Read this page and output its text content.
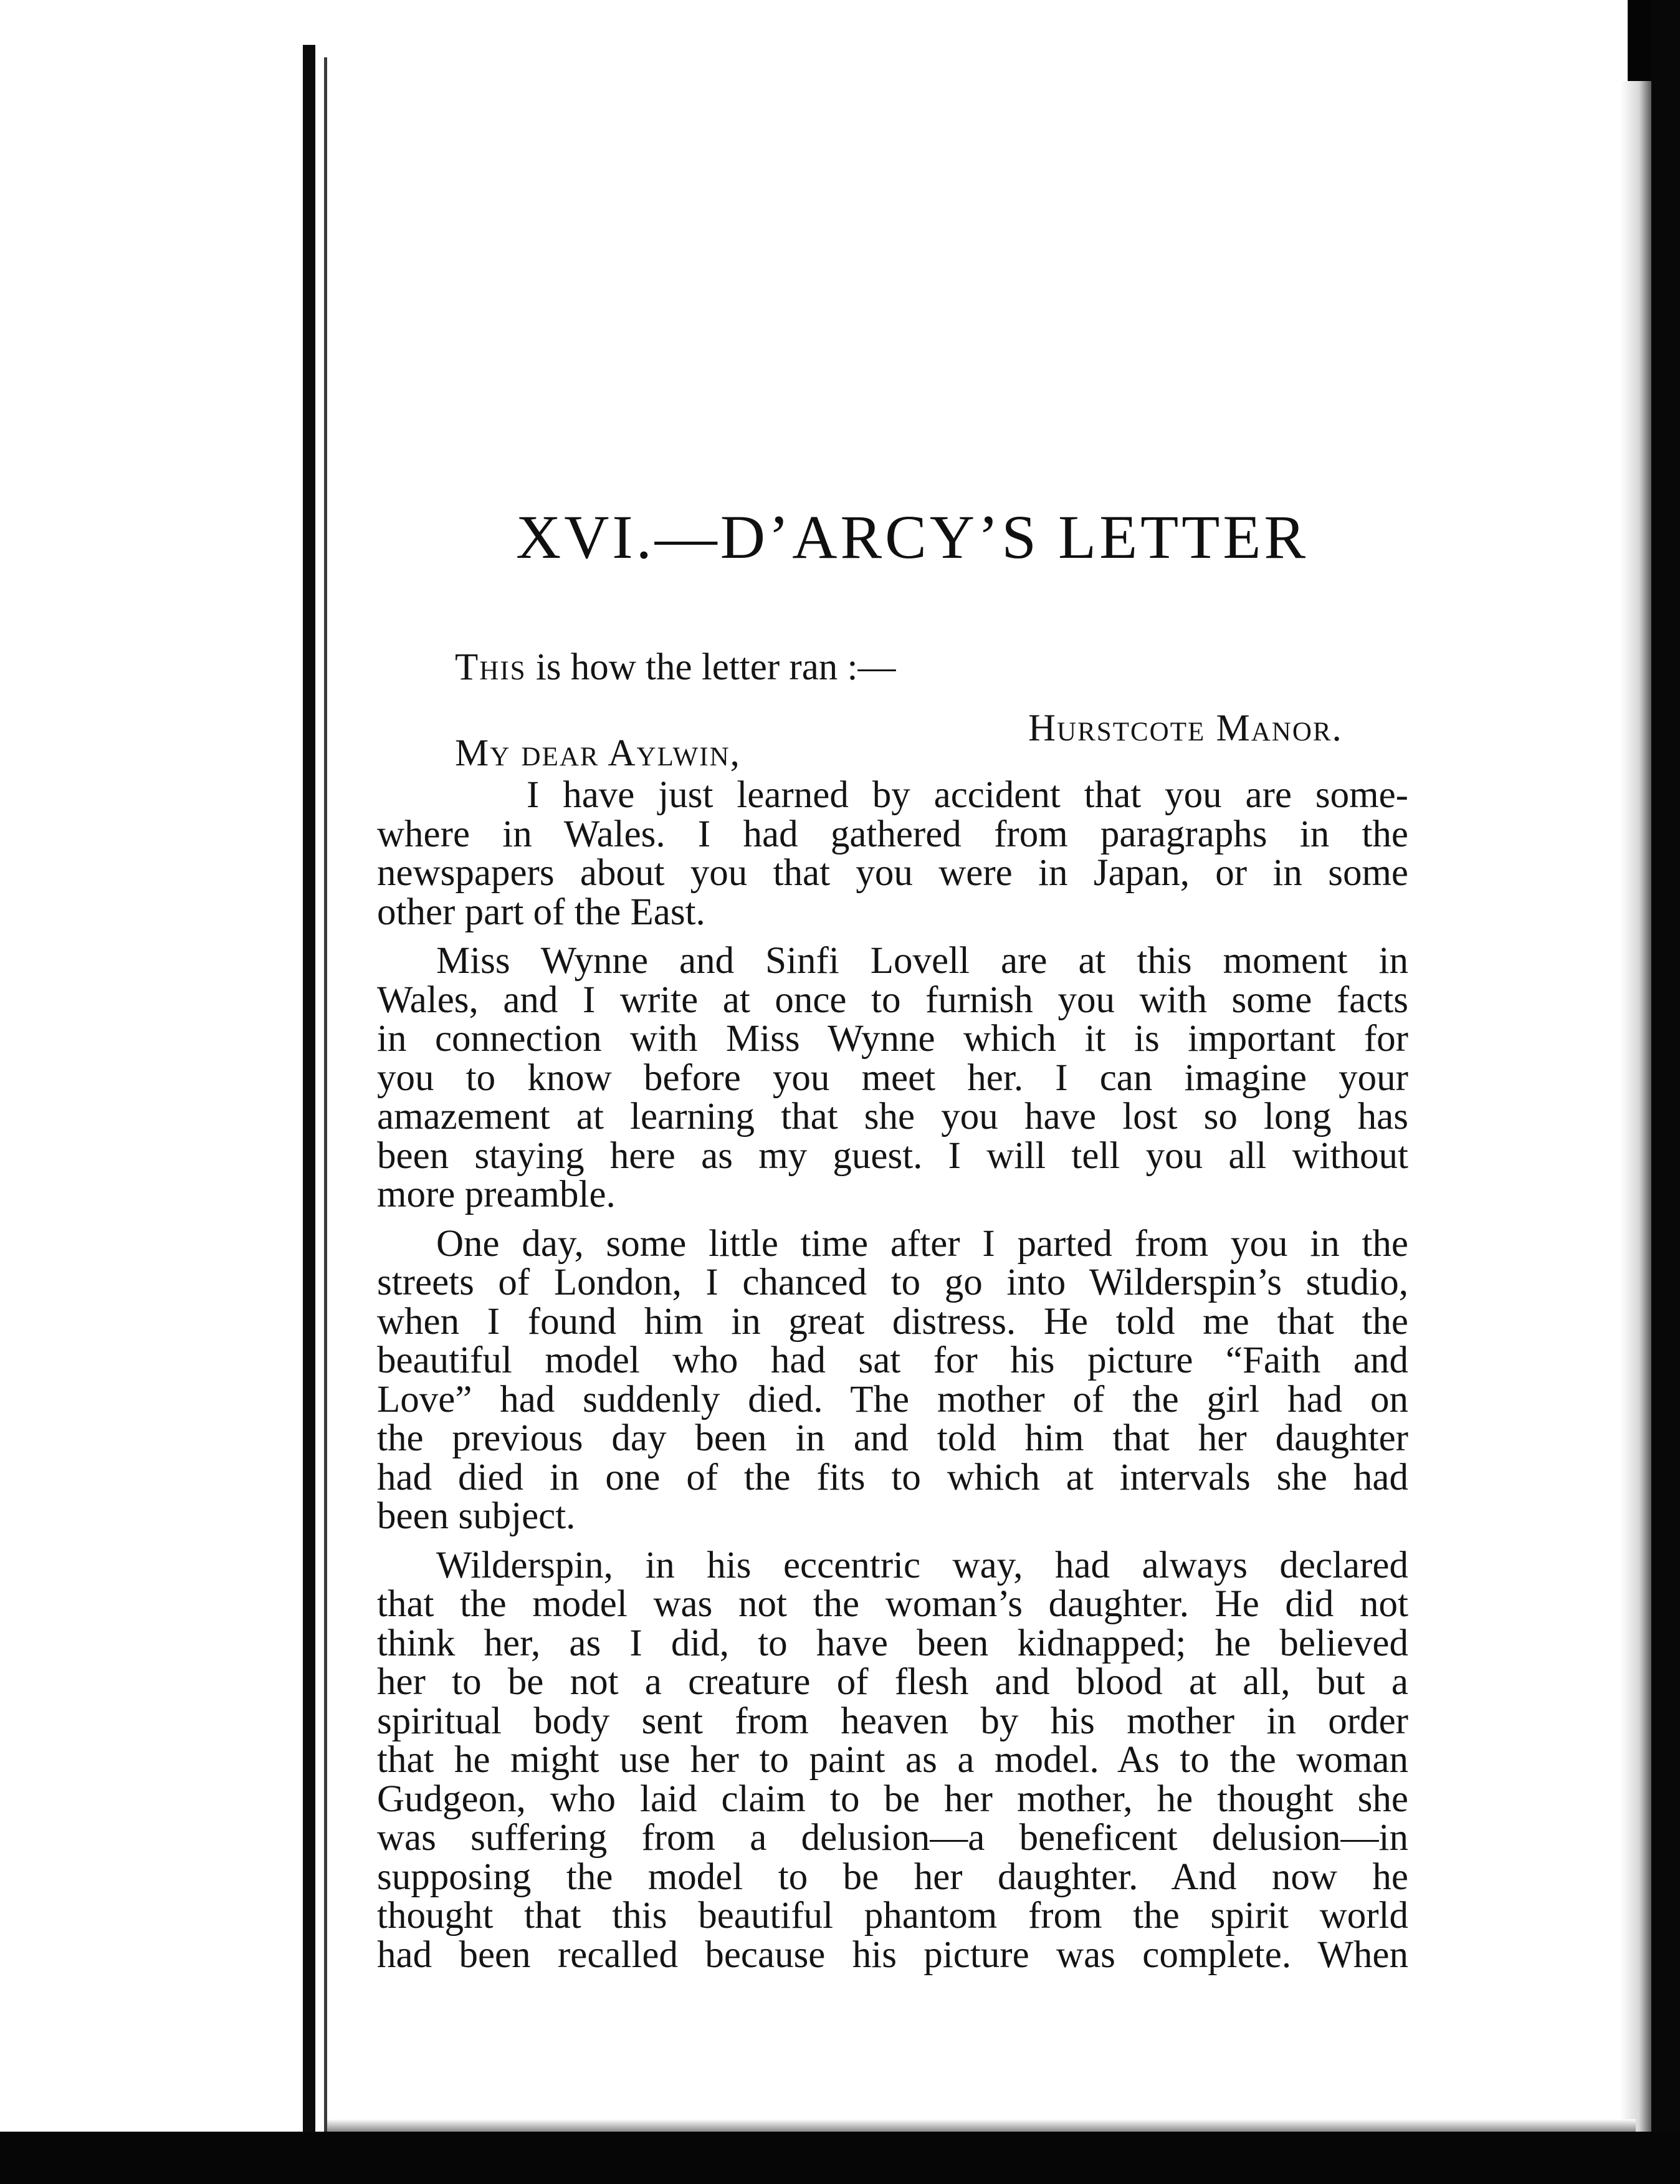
XVI.—D’ARCY’S LETTER

This is how the letter ran :—

Hurstcote Manor.

My dear Aylwin,

I have just learned by accident that you are some-
where in Wales. I had gathered from paragraphs in the
newspapers about you that you were in Japan, or in some
other part of the East.

Miss Wynne and Sinfi Lovell are at this moment in
Wales, and I write at once to furnish you with some facts
in connection with Miss Wynne which it is important for
you to know before you meet her. I can imagine your
amazement at learning that she you have lost so long has
been staying here as my guest. I will tell you all without
more preamble.

One day, some little time after I parted from you in the
streets of London, I chanced to go into Wilderspin’s studio,
when I found him in great distress. He told me that the
beautiful model who had sat for his picture “Faith and
Love” had suddenly died. The mother of the girl had on
the previous day been in and told him that her daughter
had died in one of the fits to which at intervals she had
been subject.

Wilderspin, in his eccentric way, had always declared
that the model was not the woman’s daughter. He did not
think her, as I did, to have been kidnapped; he believed
her to be not a creature of flesh and blood at all, but a
spiritual body sent from heaven by his mother in order
that he might use her to paint as a model. As to the woman
Gudgeon, who laid claim to be her mother, he thought she
was suffering from a delusion—a beneficent delusion—in
supposing the model to be her daughter. And now he
thought that this beautiful phantom from the spirit world
had been recalled because his picture was complete. When
